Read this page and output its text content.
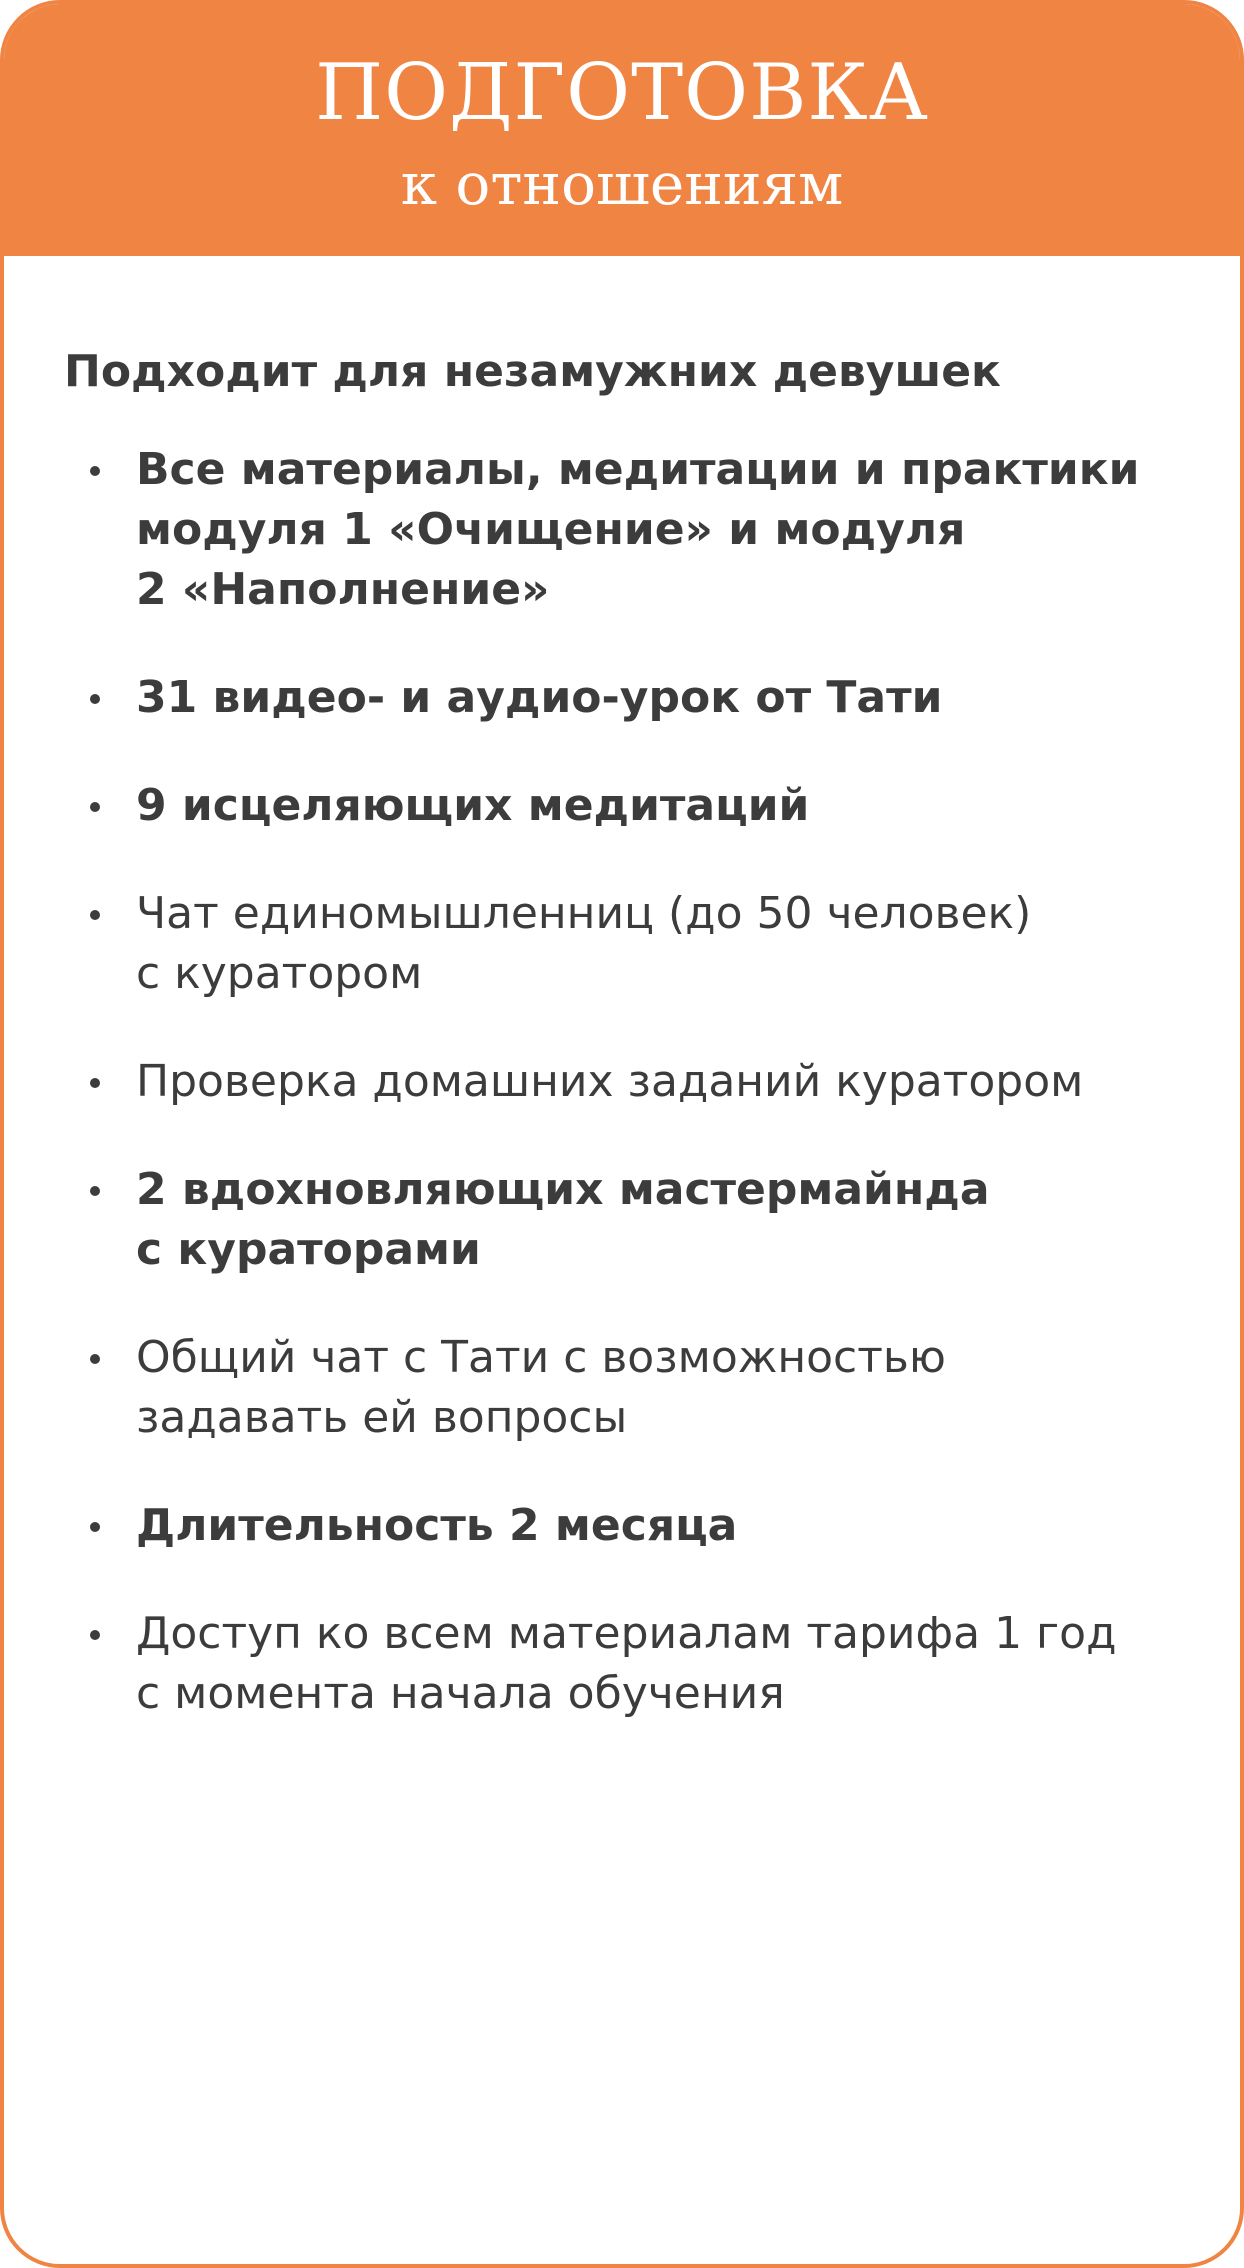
ПОДГОТОВКА
к отношениям

Подходит для незамужних девушек

Все материалы, медитации и практики
модуля 1 «Очищение» и модуля
2 «Наполнение»
31 видео- и аудио-урок от Тати
9 исцеляющих медитаций
Чат единомышленниц (до 50 человек)
с куратором
Проверка домашних заданий куратором
2 вдохновляющих мастермайнда
с кураторами
Общий чат с Тати с возможностью
задавать ей вопросы
Длительность 2 месяца
Доступ ко всем материалам тарифа 1 год
с момента начала обучения
